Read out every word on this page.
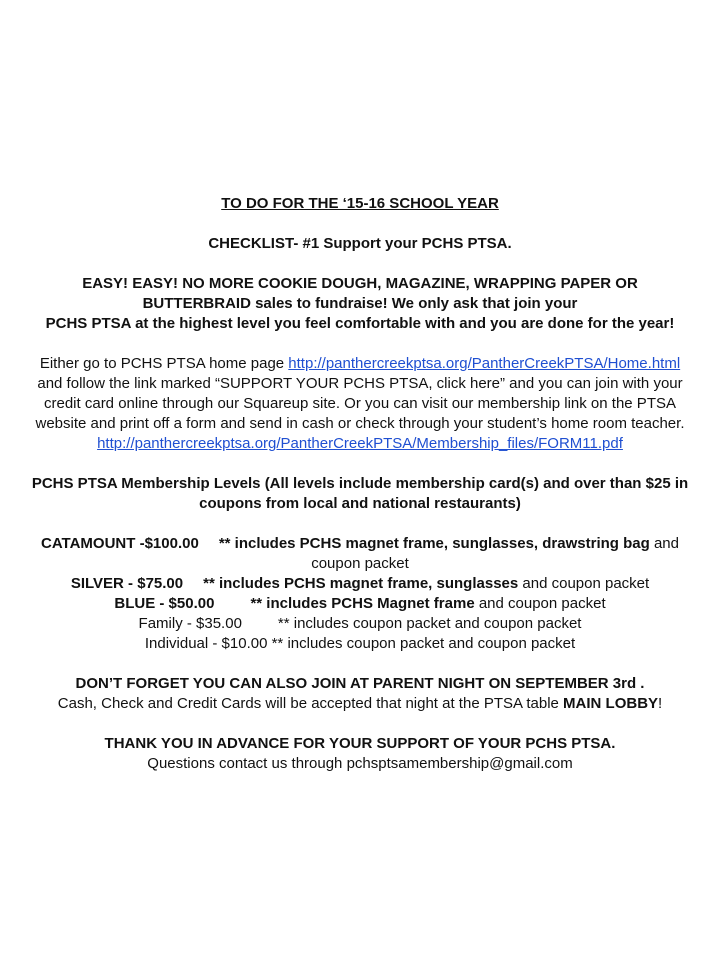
TO DO FOR THE ‘15-16 SCHOOL YEAR
CHECKLIST- #1 Support your PCHS PTSA.
EASY! EASY! NO MORE COOKIE DOUGH, MAGAZINE, WRAPPING PAPER OR
BUTTERBRAID sales to fundraise! We only ask that join your
PCHS PTSA at the highest level you feel comfortable with and you are done for the year!
Either go to PCHS PTSA home page http://panthercreekptsa.org/PantherCreekPTSA/Home.html
and follow the link marked “SUPPORT YOUR PCHS PTSA, click here” and you can join with your
credit card online through our Squareup site. Or you can visit our membership link on the PTSA
website and print off a form and send in cash or check through your student’s home room teacher.
http://panthercreekptsa.org/PantherCreekPTSA/Membership_files/FORM11.pdf
PCHS PTSA Membership Levels (All levels include membership card(s) and over than $25 in
coupons from local and national restaurants)
CATAMOUNT -$100.00 ** includes PCHS magnet frame, sunglasses, drawstring bag and
coupon packet
SILVER - $75.00 ** includes PCHS magnet frame, sunglasses and coupon packet
BLUE - $50.00 ** includes PCHS Magnet frame and coupon packet
Family - $35.00 ** includes coupon packet and coupon packet
Individual - $10.00 ** includes coupon packet and coupon packet
DON’T FORGET YOU CAN ALSO JOIN AT PARENT NIGHT ON SEPTEMBER 3rd .
Cash, Check and Credit Cards will be accepted that night at the PTSA table MAIN LOBBY!
THANK YOU IN ADVANCE FOR YOUR SUPPORT OF YOUR PCHS PTSA.
Questions contact us through pchsptsamembership@gmail.com
